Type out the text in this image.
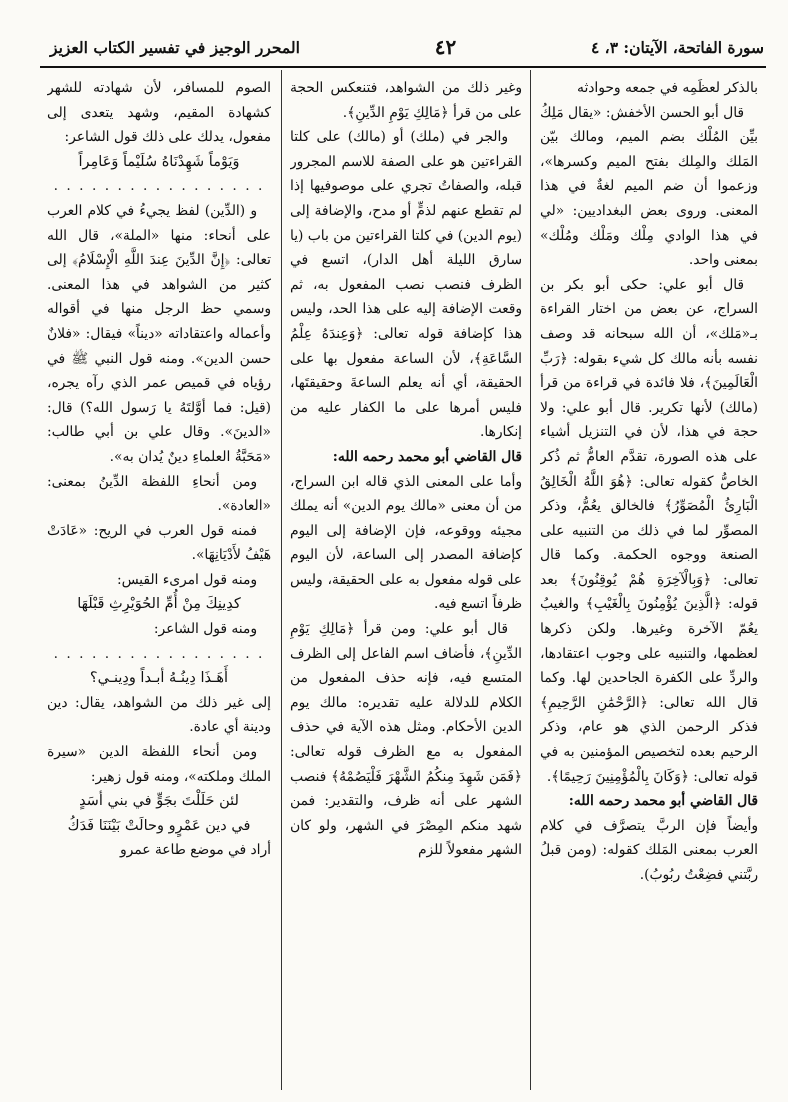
سورة الفاتحة، الآيتان: ٣، ٤
٤٢
المحرر الوجيز في تفسير الكتاب العزيز

بالذكر لعظَمِه في جمعه وحوادثه

قال أبو الحسن الأخفش: «يقال مَلِكُ بيِّن المُلْك بضم الميم، ومالك بيّن المَلك والمِلك بفتح الميم وكسرها»، وزعموا أن ضم الميم لغةٌ في هذا المعنى. وروى بعض البغداديين: «لي في هذا الوادي مِلْك ومَلْك ومُلْك» بمعنى واحد.

قال أبو علي: حكى أبو بكر بن السراج، عن بعض من اختار القراءة بـ«مَلك»، أن الله سبحانه قد وصف نفسه بأنه مالك كل شيء بقوله: ﴿رَبِّ الْعَالَمِينَ﴾، فلا فائدة في قراءة من قرأ (مالك) لأنها تكرير. قال أبو علي: ولا حجة في هذا، لأن في التنزيل أشياء على هذه الصورة، تقدَّم العامُّ ثم ذُكر الخاصُّ كقوله تعالى: ﴿هُوَ اللَّهُ الْخَالِقُ الْبَارِئُ الْمُصَوِّرُ﴾ فالخالق يعُمُّ، وذكر المصوِّر لما في ذلك من التنبيه على الصنعة ووجوه الحكمة. وكما قال تعالى: ﴿وَبِالْآخِرَةِ هُمْ يُوقِنُونَ﴾ بعد قوله: ﴿الَّذِينَ يُؤْمِنُونَ بِالْغَيْبِ﴾ والغيبُ يعُمّ الآخرة وغيرها. ولكن ذكرها لعظمها، والتنبيه على وجوب اعتقادها، والردِّ على الكفرة الجاحدين لها. وكما قال الله تعالى: ﴿الرَّحْمَٰنِ الرَّحِيمِ﴾ فذكر الرحمن الذي هو عام، وذكر الرحيم بعده لتخصيص المؤمنين به في قوله تعالى: ﴿وَكَانَ بِالْمُؤْمِنِينَ رَحِيمًا﴾.

قال القاضي أبو محمد رحمه الله:

وأيضاً فإن الربَّ يتصرَّف في كلام العرب بمعنى المَلك كقوله: (ومن قبلُ ربَّتني فضِعْتُ ربُوبُ).

وغير ذلك من الشواهد، فتنعكس الحجة على من قرأ ﴿مَالِكِ يَوْمِ الدِّينِ﴾.

والجر في (ملك) أو (مالك) على كلتا القراءتين هو على الصفة للاسم المجرور قبله، والصفاتُ تجري على موصوفيها إذا لم تقطع عنهم لذمٍّ أو مدح، والإضافة إلى (يوم الدين) في كلتا القراءتين من باب (يا سارق الليلة أهل الدار)، اتسع في الظرف فنصب نصب المفعول به، ثم وقعت الإضافة إليه على هذا الحد، وليس هذا كإضافة قوله تعالى: ﴿وَعِندَهُ عِلْمُ السَّاعَةِ﴾، لأن الساعة مفعول بها على الحقيقة، أي أنه يعلم الساعةَ وحقيقتَها، فليس أمرها على ما الكفار عليه من إنكارها.

قال القاضي أبو محمد رحمه الله:

وأما على المعنى الذي قاله ابن السراج، من أن معنى «مالك يوم الدين» أنه يملك مجيئه ووقوعه، فإن الإضافة إلى اليوم كإضافة المصدر إلى الساعة، لأن اليوم على قوله مفعول به على الحقيقة، وليس ظرفاً اتسع فيه.

قال أبو علي: ومن قرأ ﴿مَالِكِ يَوْمِ الدِّينِ﴾، فأضاف اسم الفاعل إلى الظرف المتسع فيه، فإنه حذف المفعول من الكلام للدلالة عليه تقديره: مالك يوم الدين الأحكام. ومثل هذه الآية في حذف المفعول به مع الظرف قوله تعالى: ﴿فَمَن شَهِدَ مِنكُمُ الشَّهْرَ فَلْيَصُمْهُ﴾ فنصب الشهر على أنه ظرف، والتقدير: فمن شهد منكم المِصْرَ في الشهر، ولو كان الشهر مفعولاً للزم

الصوم للمسافر، لأن شهادته للشهر كشهادة المقيم، وشهد يتعدى إلى مفعول، يدلك على ذلك قول الشاعر:

وَيَوْماً شَهِدْنَاهُ سُلَيْماً وَعَامِراً

. . . . . . . . . . . . . . . . .

و (الدِّين) لفظ يجيءُ في كلام العرب على أنحاء: منها «الملة»، قال الله تعالى: ﴿إِنَّ الدِّينَ عِندَ اللَّهِ الْإِسْلَامُ﴾ إلى كثير من الشواهد في هذا المعنى. وسمي حظ الرجل منها في أقواله وأعماله واعتقاداته «ديناً» فيقال: «فلانٌ حسن الدين». ومنه قول النبي ﷺ في رؤياه في قميص عمر الذي رآه يجره، (قيل: فما أوَّلتَهُ يا رَسول الله؟) قال: «الدينَ». وقال علي بن أبي طالب: «مَحَبَّةُ العلماءِ دينٌ يُدان به».

ومن أنحاءِ اللفظة الدِّينُ بمعنى: «العادة».

فمنه قول العرب في الريح: «عَادَتْ هَيْفُ لأَدْيَانِهَا».

ومنه قول امرىء القيس:

كدِينِكَ مِنْ أُمِّ الحُوَيْرِثِ قَبْلَهَا

ومنه قول الشاعر:

. . . . . . . . . . . . . . . . .

أَهَـذَا دِينُـهُ أبـداً ودِينـي؟

إلى غير ذلك من الشواهد، يقال: دين ودينة أي عادة.

ومن أنحاء اللفظة الدين «سيرة الملك وملكته»، ومنه قول زهير:

لئن حَلَلْتَ بجَوٍّ في بني أسَدٍ

في دين عَمْرٍو وحالَتْ بَيْنَنَا فَدَكُ

أراد في موضع طاعة عمرو
